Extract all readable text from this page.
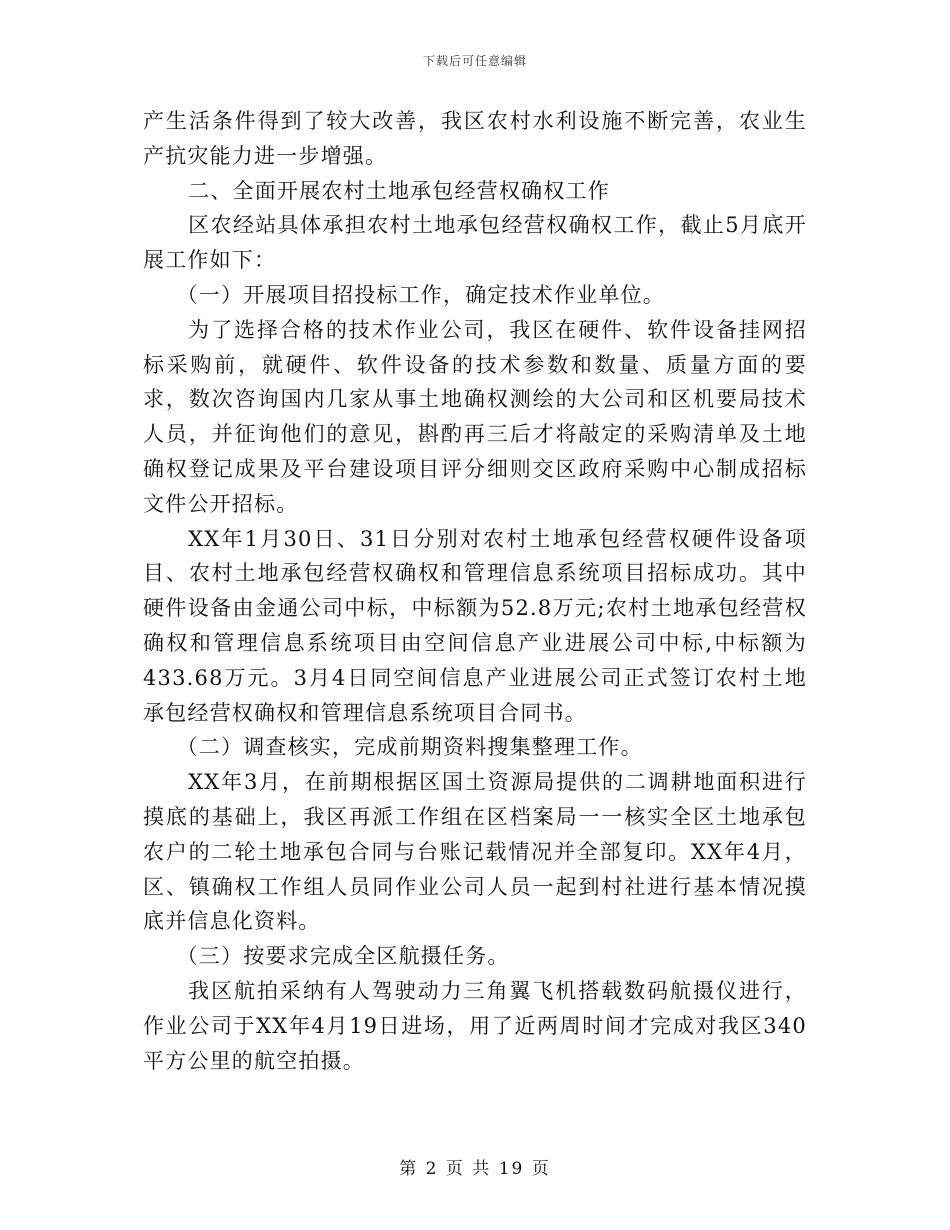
下载后可任意编辑

产生活条件得到了较大改善，我区农村水利设施不断完善，农业生产抗灾能力进一步增强。

二、全面开展农村土地承包经营权确权工作

区农经站具体承担农村土地承包经营权确权工作，截止5月底开展工作如下：

（一）开展项目招投标工作，确定技术作业单位。

为了选择合格的技术作业公司，我区在硬件、软件设备挂网招标采购前，就硬件、软件设备的技术参数和数量、质量方面的要求，数次咨询国内几家从事土地确权测绘的大公司和区机要局技术人员，并征询他们的意见，斟酌再三后才将敲定的采购清单及土地确权登记成果及平台建设项目评分细则交区政府采购中心制成招标文件公开招标。

XX年1月30日、31日分别对农村土地承包经营权硬件设备项目、农村土地承包经营权确权和管理信息系统项目招标成功。其中硬件设备由金通公司中标，中标额为52.8万元;农村土地承包经营权确权和管理信息系统项目由空间信息产业进展公司中标,中标额为433.68万元。3月4日同空间信息产业进展公司正式签订农村土地承包经营权确权和管理信息系统项目合同书。

（二）调查核实，完成前期资料搜集整理工作。

XX年3月，在前期根据区国土资源局提供的二调耕地面积进行摸底的基础上，我区再派工作组在区档案局一一核实全区土地承包农户的二轮土地承包合同与台账记载情况并全部复印。XX年4月，区、镇确权工作组人员同作业公司人员一起到村社进行基本情况摸底并信息化资料。

（三）按要求完成全区航摄任务。

我区航拍采纳有人驾驶动力三角翼飞机搭载数码航摄仪进行，作业公司于XX年4月19日进场，用了近两周时间才完成对我区340平方公里的航空拍摄。

第 2 页 共 19 页
